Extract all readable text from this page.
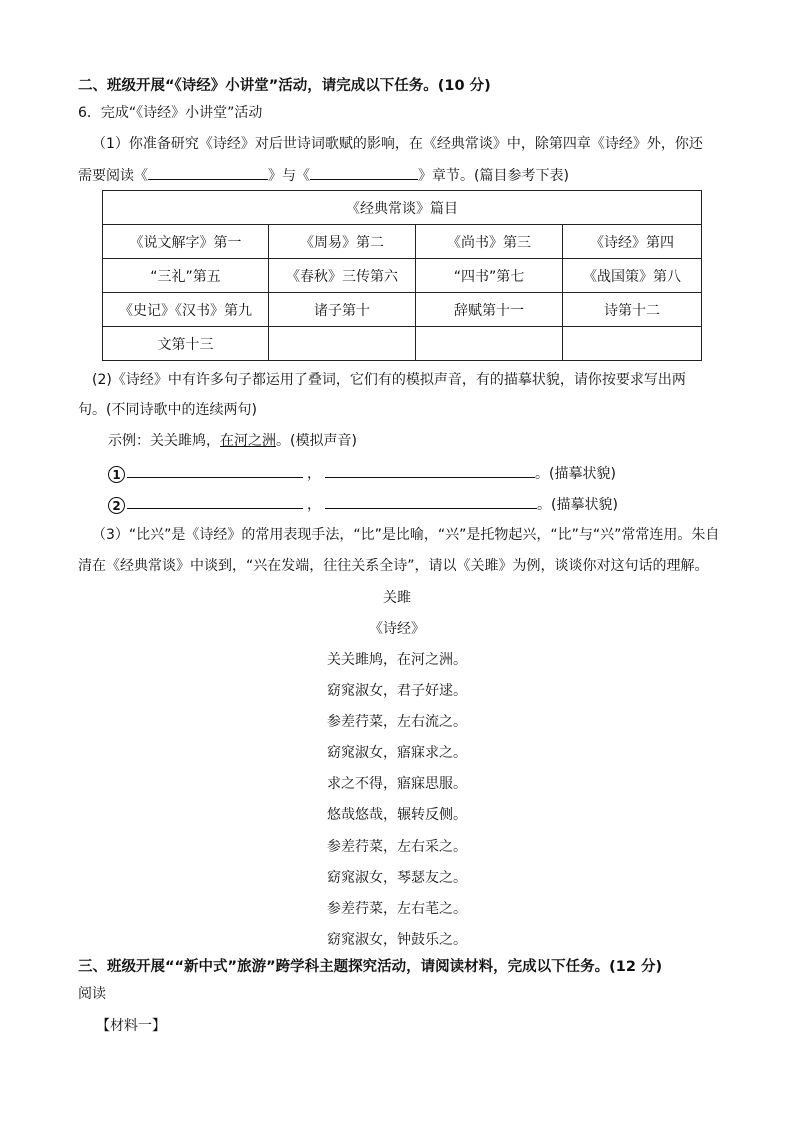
二、班级开展“《诗经》小讲堂”活动，请完成以下任务。(10 分)
6．完成“《诗经》小讲堂”活动
（1）你准备研究《诗经》对后世诗词歌赋的影响，在《经典常谈》中，除第四章《诗经》外，你还
需要阅读《	》与《	》章节。(篇目参考下表)
《经典常谈》篇目			
《说文解字》第一	《周易》第二	《尚书》第三	《诗经》第四
“三礼”第五	《春秋》三传第六	“四书”第七	《战国策》第八
《史记》《汉书》第九	诸子第十	辞赋第十一	诗第十二
文第十三			
(2)《诗经》中有许多句子都运用了叠词，它们有的模拟声音，有的描摹状貌，请你按要求写出两
句。(不同诗歌中的连续两句)
示例：关关雎鸠，在河之洲。(模拟声音)
1	，	。(描摹状貌)
2	，	。(描摹状貌)
（3）“比兴”是《诗经》的常用表现手法，“比”是比喻，“兴”是托物起兴，“比”与“兴”常常连用。朱自
清在《经典常谈》中谈到，“兴在发端，往往关系全诗”，请以《关雎》为例，谈谈你对这句话的理解。
关雎
《诗经》
关关雎鸠，在河之洲。
窈窕淑女，君子好逑。
参差荇菜，左右流之。
窈窕淑女，寤寐求之。
求之不得，寤寐思服。
悠哉悠哉，辗转反侧。
参差荇菜，左右采之。
窈窕淑女，琴瑟友之。
参差荇菜，左右芼之。
窈窕淑女，钟鼓乐之。
三、班级开展““新中式”旅游”跨学科主题探究活动，请阅读材料，完成以下任务。(12 分)
阅读
【材料一】
